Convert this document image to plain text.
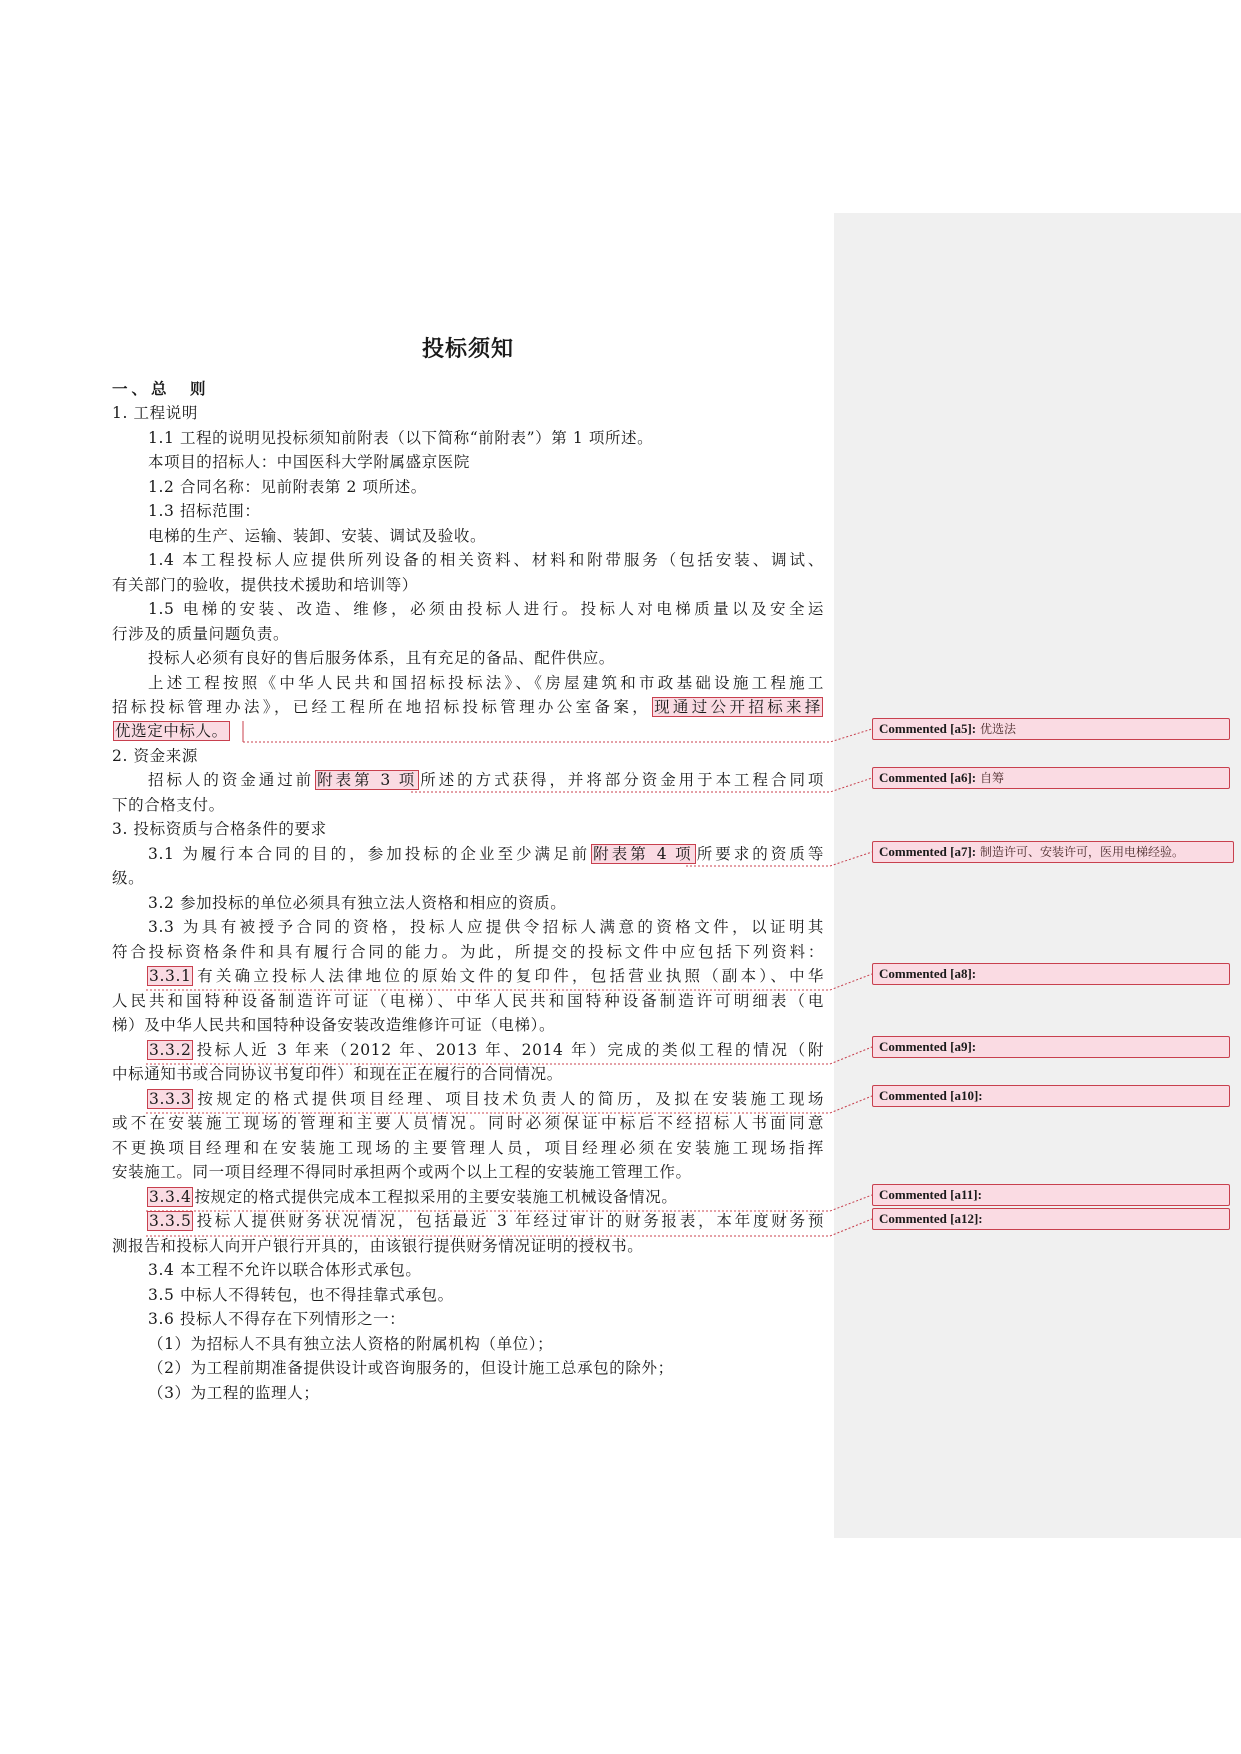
投标须知
一、总　则
1. 工程说明
1.1 工程的说明见投标须知前附表（以下简称“前附表”）第 1 项所述。
本项目的招标人：中国医科大学附属盛京医院
1.2 合同名称：见前附表第 2 项所述。
1.3 招标范围：
电梯的生产、运输、装卸、安装、调试及验收。
1.4 本工程投标人应提供所列设备的相关资料、材料和附带服务（包括安装、调试、
有关部门的验收，提供技术援助和培训等）
1.5 电梯的安装、改造、维修，必须由投标人进行。投标人对电梯质量以及安全运
行涉及的质量问题负责。
投标人必须有良好的售后服务体系，且有充足的备品、配件供应。
上述工程按照《中华人民共和国招标投标法》、《房屋建筑和市政基础设施工程施工
招标投标管理办法》，已经工程所在地招标投标管理办公室备案， 现通过公开招标来择
优选定中标人。
2. 资金来源
招标人的资金通过前 附表第 3 项 所述的方式获得，并将部分资金用于本工程合同项
下的合格支付。
3. 投标资质与合格条件的要求
3.1 为履行本合同的目的，参加投标的企业至少满足前 附表第 4 项 所要求的资质等
级。
3.2 参加投标的单位必须具有独立法人资格和相应的资质。
3.3 为具有被授予合同的资格，投标人应提供令招标人满意的资格文件，以证明其
符合投标资格条件和具有履行合同的能力。为此，所提交的投标文件中应包括下列资料：
3.3.1 有关确立投标人法律地位的原始文件的复印件，包括营业执照（副本）、中华
人民共和国特种设备制造许可证（电梯）、中华人民共和国特种设备制造许可明细表（电
梯）及中华人民共和国特种设备安装改造维修许可证（电梯）。
3.3.2 投标人近 3 年来（2012 年、2013 年、2014 年）完成的类似工程的情况（附
中标通知书或合同协议书复印件）和现在正在履行的合同情况。
3.3.3 按规定的格式提供项目经理、项目技术负责人的简历，及拟在安装施工现场
或不在安装施工现场的管理和主要人员情况。同时必须保证中标后不经招标人书面同意
不更换项目经理和在安装施工现场的主要管理人员，项目经理必须在安装施工现场指挥
安装施工。同一项目经理不得同时承担两个或两个以上工程的安装施工管理工作。
3.3.4 按规定的格式提供完成本工程拟采用的主要安装施工机械设备情况。
3.3.5 投标人提供财务状况情况，包括最近 3 年经过审计的财务报表，本年度财务预
测报告和投标人向开户银行开具的，由该银行提供财务情况证明的授权书。
3.4 本工程不允许以联合体形式承包。
3.5 中标人不得转包，也不得挂靠式承包。
3.6 投标人不得存在下列情形之一：
（1）为招标人不具有独立法人资格的附属机构（单位）；
（2）为工程前期准备提供设计或咨询服务的，但设计施工总承包的除外；
（3）为工程的监理人；
Commented [a5]: 优选法
Commented [a6]: 自筹
Commented [a7]: 制造许可、安装许可，医用电梯经验。
Commented [a8]:
Commented [a9]:
Commented [a10]:
Commented [a11]:
Commented [a12]:
